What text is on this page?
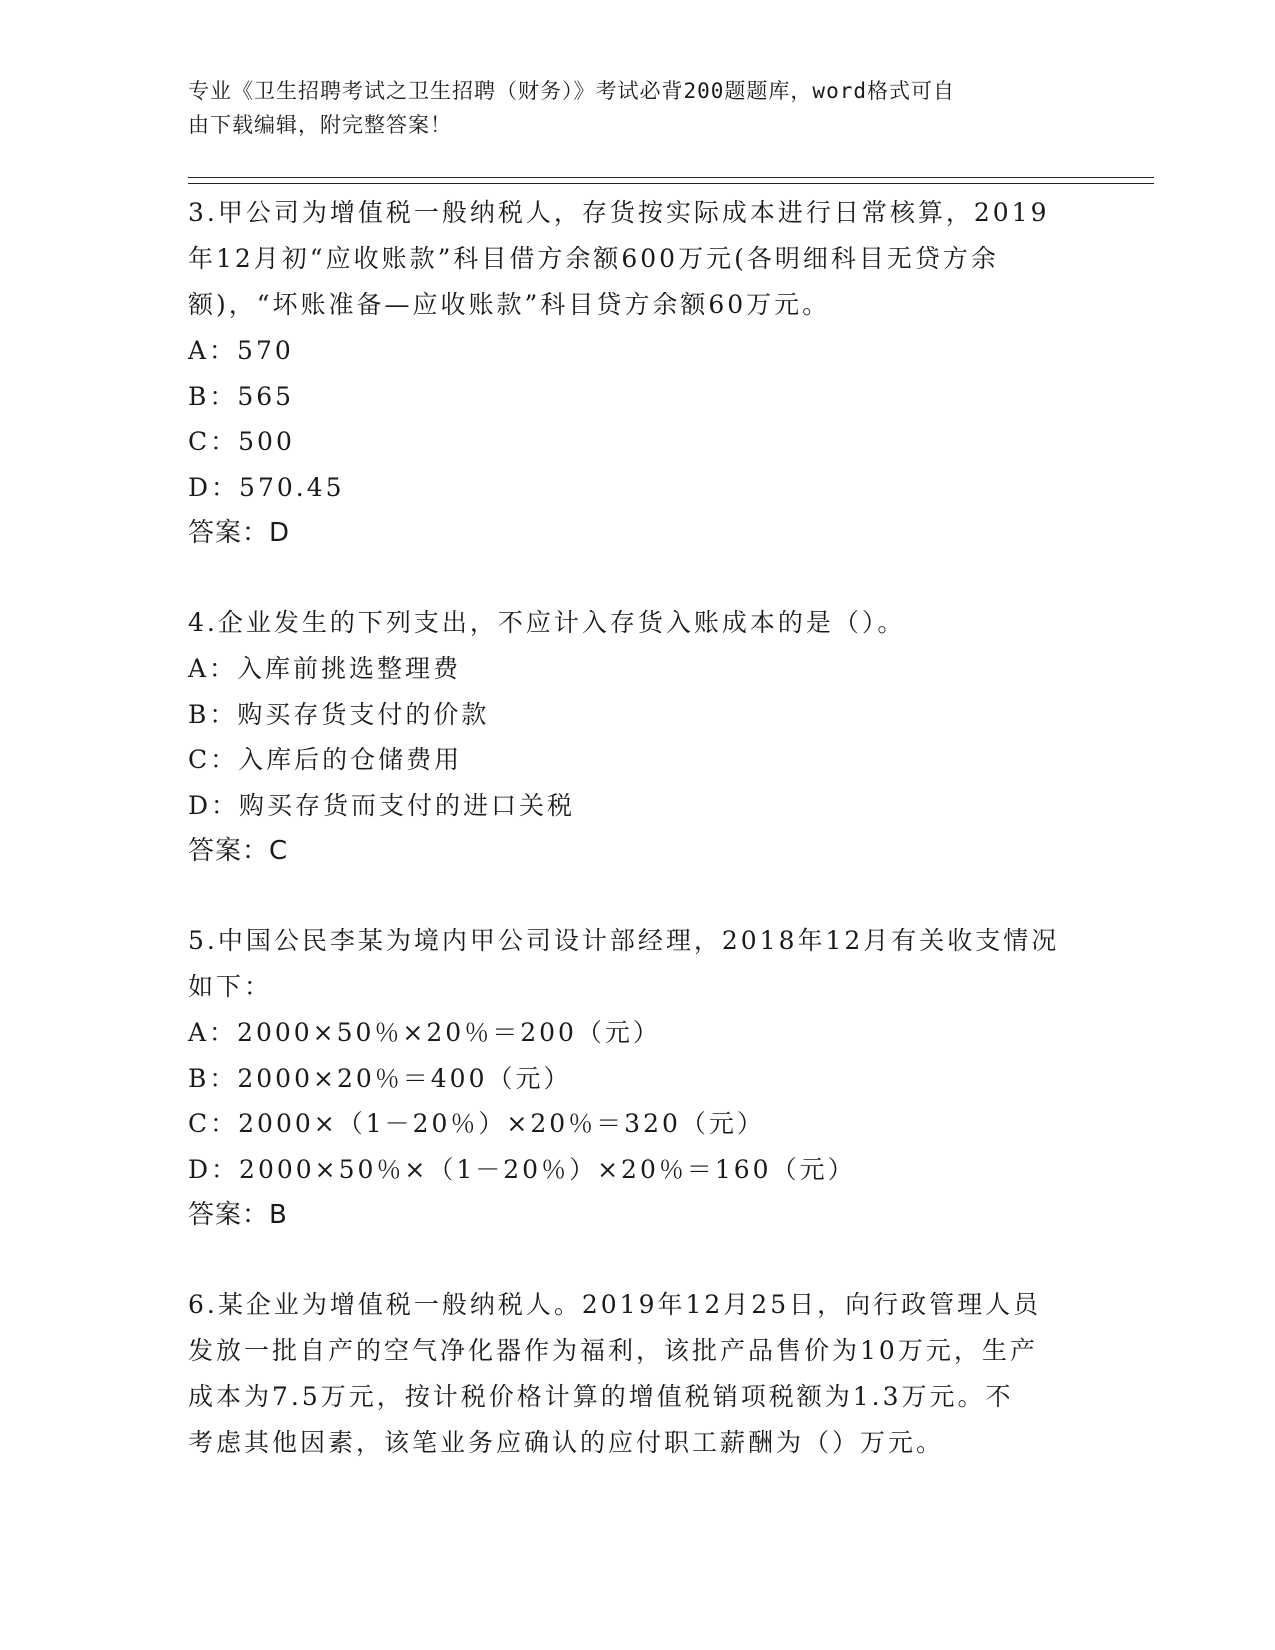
专业《卫生招聘考试之卫生招聘（财务）》考试必背200题题库，word格式可自
由下载编辑，附完整答案！
3.甲公司为增值税一般纳税人，存货按实际成本进行日常核算，2019
年12月初“应收账款”科目借方余额600万元(各明细科目无贷方余
额)，“坏账准备—应收账款”科目贷方余额60万元。
A：570
B：565
C：500
D：570.45
答案：D
4.企业发生的下列支出，不应计入存货入账成本的是（）。
A：入库前挑选整理费
B：购买存货支付的价款
C：入库后的仓储费用
D：购买存货而支付的进口关税
答案：C
5.中国公民李某为境内甲公司设计部经理，2018年12月有关收支情况
如下：
A：2000×50％×20％＝200（元）
B：2000×20％＝400（元）
C：2000×（1－20％）×20％＝320（元）
D：2000×50％×（1－20％）×20％＝160（元）
答案：B
6.某企业为增值税一般纳税人。2019年12月25日，向行政管理人员
发放一批自产的空气净化器作为福利，该批产品售价为10万元，生产
成本为7.5万元，按计税价格计算的增值税销项税额为1.3万元。不
考虑其他因素，该笔业务应确认的应付职工薪酬为（）万元。
